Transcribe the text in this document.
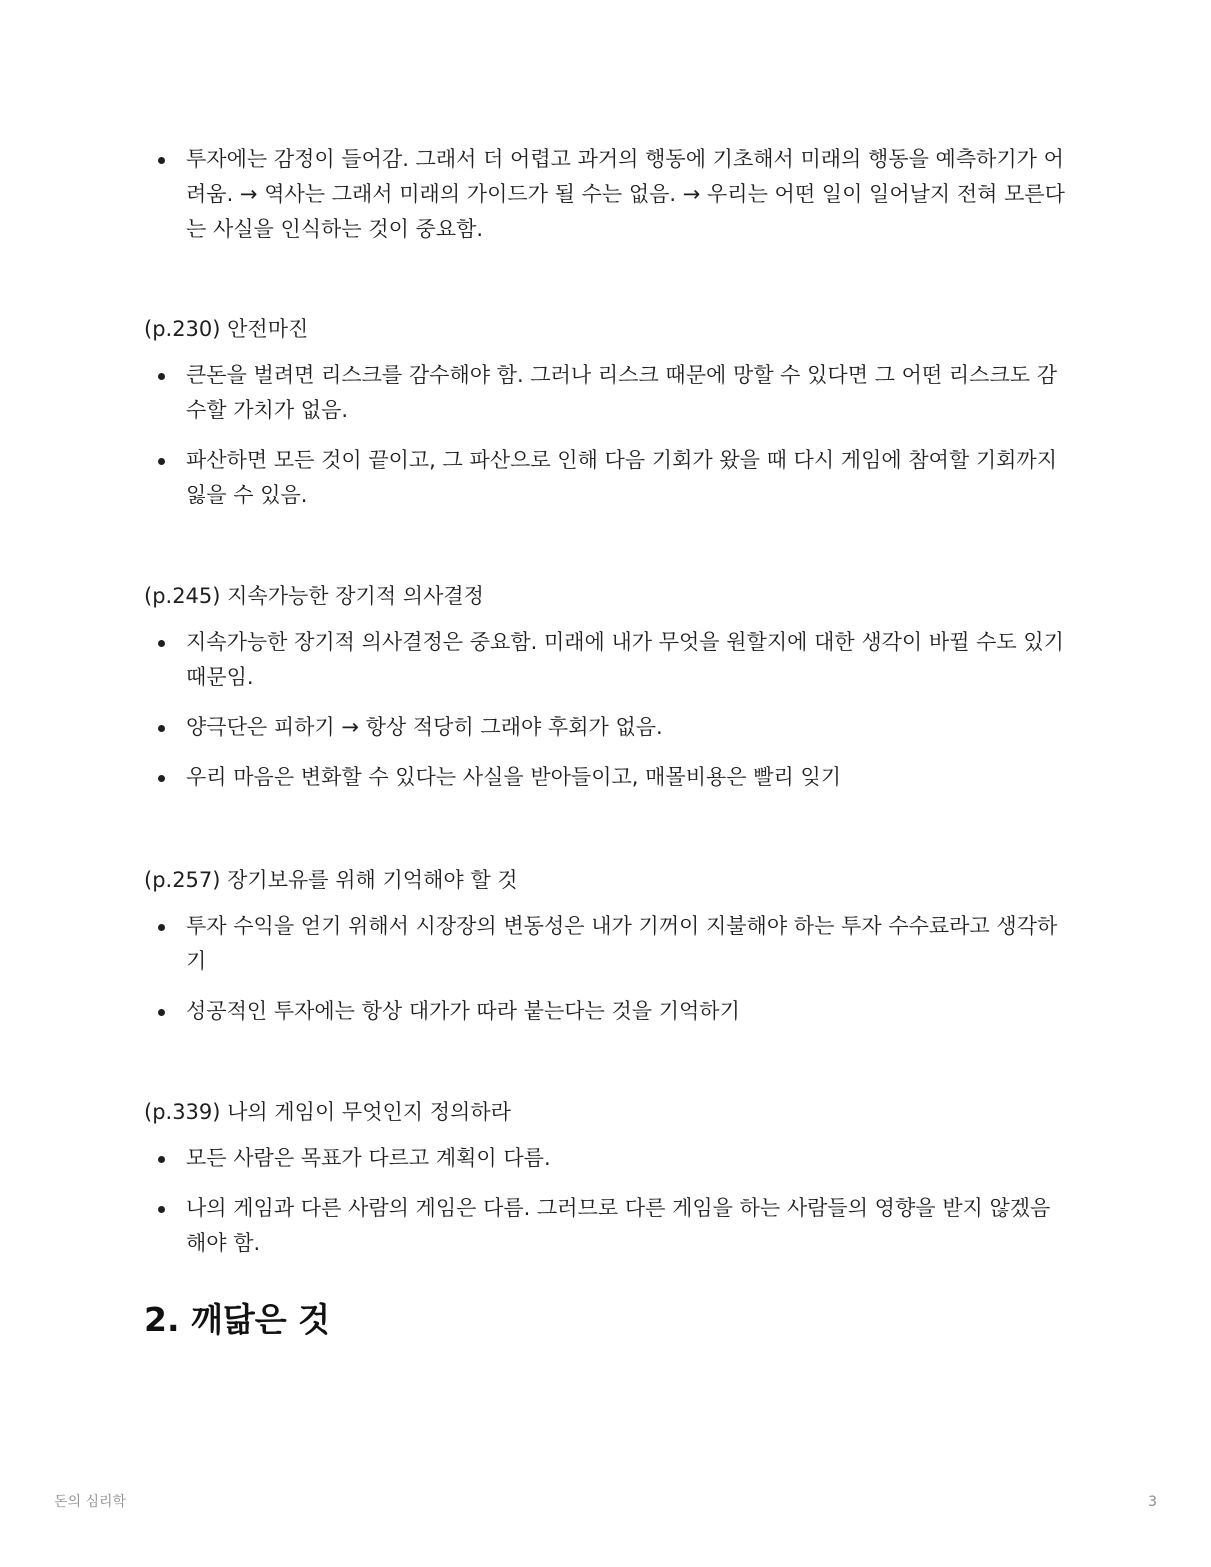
투자에는 감정이 들어감. 그래서 더 어렵고 과거의 행동에 기초해서 미래의 행동을 예측하기가 어려움. → 역사는 그래서 미래의 가이드가 될 수는 없음. → 우리는 어떤 일이 일어날지 전혀 모른다는 사실을 인식하는 것이 중요함.
(p.230) 안전마진
큰돈을 벌려면 리스크를 감수해야 함. 그러나 리스크 때문에 망할 수 있다면 그 어떤 리스크도 감수할 가치가 없음.
파산하면 모든 것이 끝이고, 그 파산으로 인해 다음 기회가 왔을 때 다시 게임에 참여할 기회까지 잃을 수 있음.
(p.245) 지속가능한 장기적 의사결정
지속가능한 장기적 의사결정은 중요함. 미래에 내가 무엇을 원할지에 대한 생각이 바뀔 수도 있기 때문임.
양극단은 피하기 → 항상 적당히 그래야 후회가 없음.
우리 마음은 변화할 수 있다는 사실을 받아들이고, 매몰비용은 빨리 잊기
(p.257) 장기보유를 위해 기억해야 할 것
투자 수익을 얻기 위해서 시장장의 변동성은 내가 기꺼이 지불해야 하는 투자 수수료라고 생각하기
성공적인 투자에는 항상 대가가 따라 붙는다는 것을 기억하기
(p.339) 나의 게임이 무엇인지 정의하라
모든 사람은 목표가 다르고 계획이 다름.
나의 게임과 다른 사람의 게임은 다름. 그러므로 다른 게임을 하는 사람들의 영향을 받지 않겠음 해야 함.
2. 깨닮은 것
돈의 심리학	3
